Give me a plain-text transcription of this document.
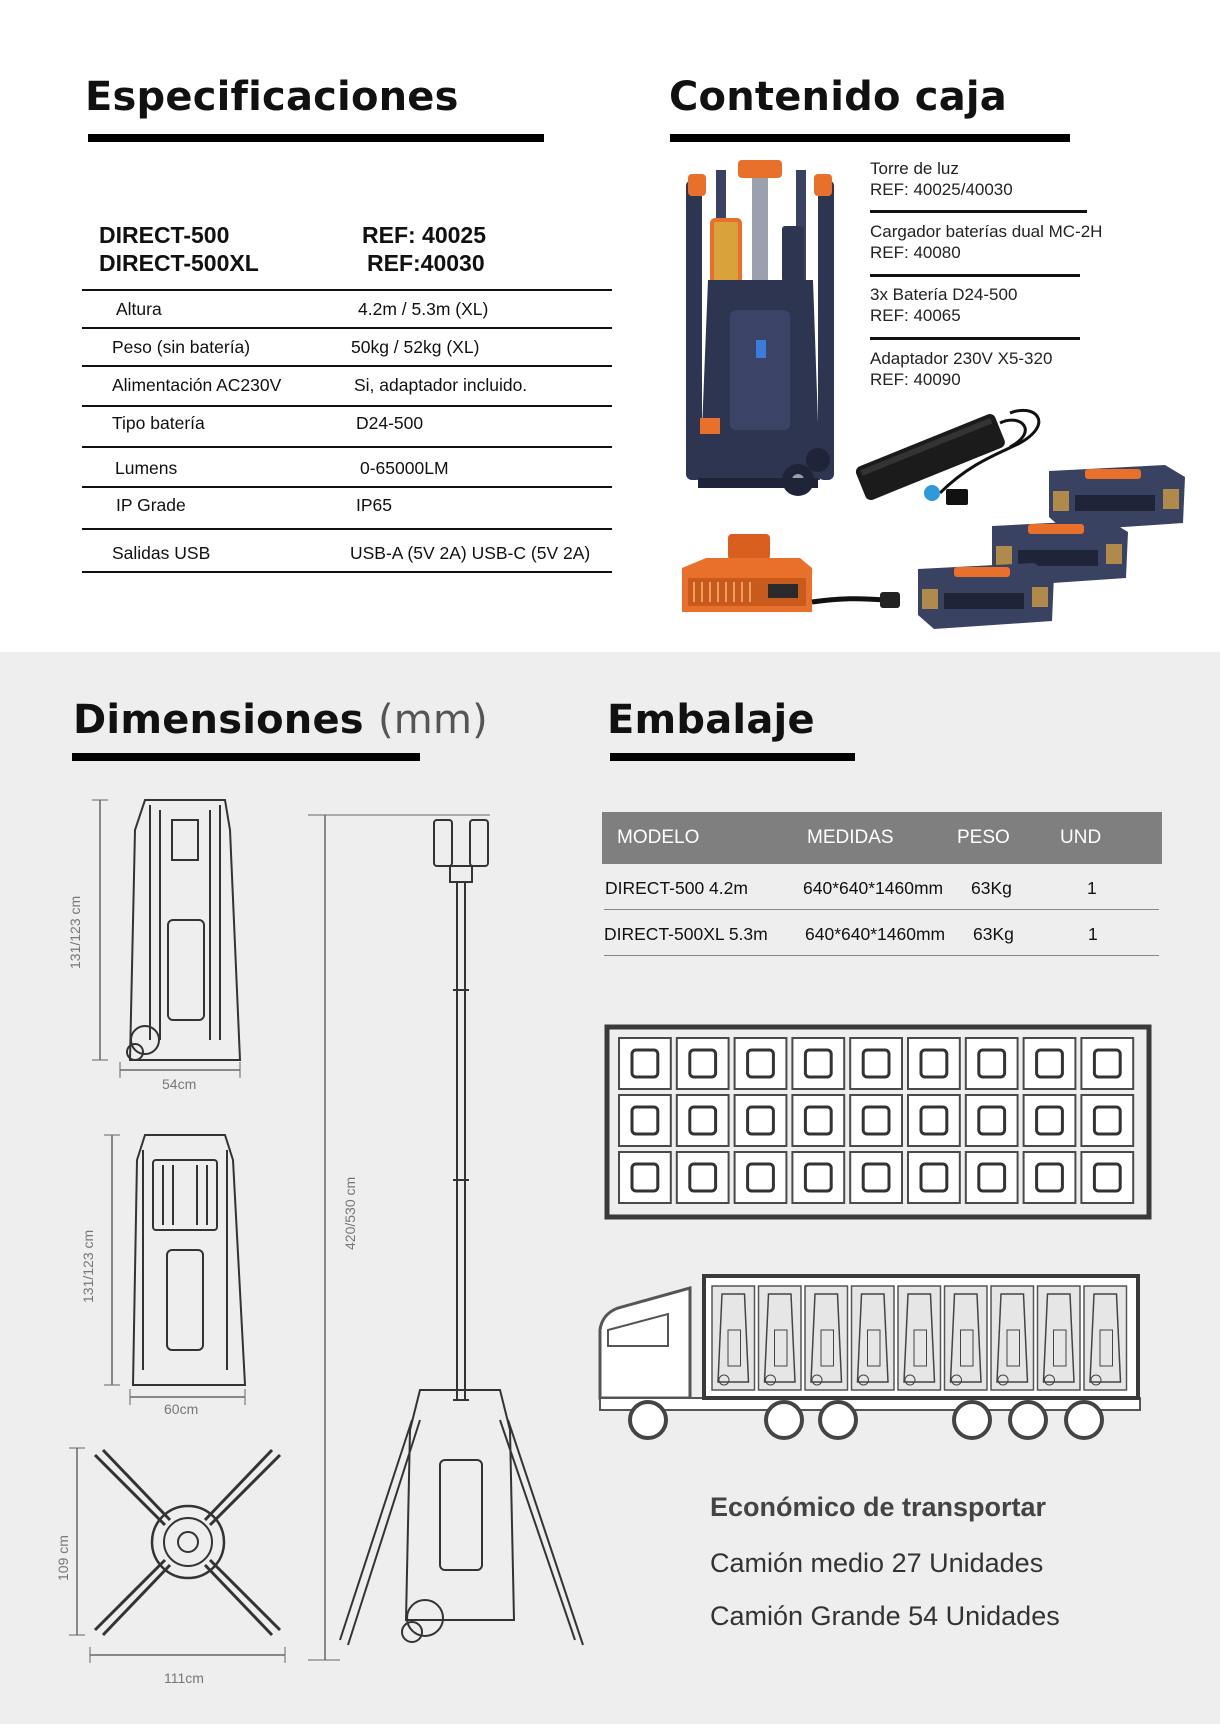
Especificaciones
DIRECT-500
DIRECT-500XL
REF: 40025
REF:40030
Altura	4.2m / 5.3m (XL)
Peso (sin batería)	50kg / 52kg (XL)
Alimentación AC230V	Si, adaptador incluido.
Tipo batería	D24-500
Lumens	0-65000LM
IP Grade	IP65
Salidas USB	USB-A (5V 2A) USB-C (5V 2A)
Contenido caja
Torre de luz
REF: 40025/40030
Cargador baterías dual MC-2H
REF: 40080
3x Batería D24-500
REF: 40065
Adaptador 230V X5-320
REF: 40090
Dimensiones (mm)
131/123 cm
54cm
131/123 cm
60cm
109 cm
111cm
420/530 cm
Embalaje
MODELO	MEDIDAS	PESO	UND
DIRECT-500 4.2m	640*640*1460mm 63Kg	1
DIRECT-500XL 5.3m 640*640*1460mm 63Kg	1
Económico de transportar
Camión medio 27 Unidades
Camión Grande 54 Unidades
